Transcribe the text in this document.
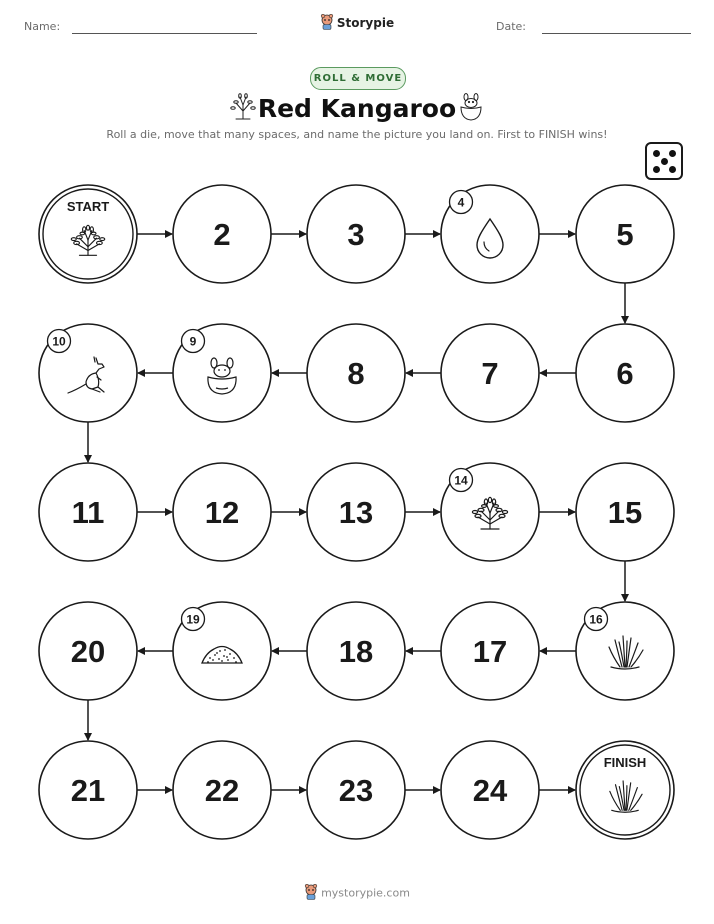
Name:	Storypie	Date:
ROLL & MOVE
Red Kangaroo
Roll a die, move that many spaces, and name the picture you land on. First to FINISH wins!
START
2	3
4
5
6
7
8
9
10
11	12	13
14
15
16
17
18
19
20
21	22	23	24
FINISH
mystorypie.com
